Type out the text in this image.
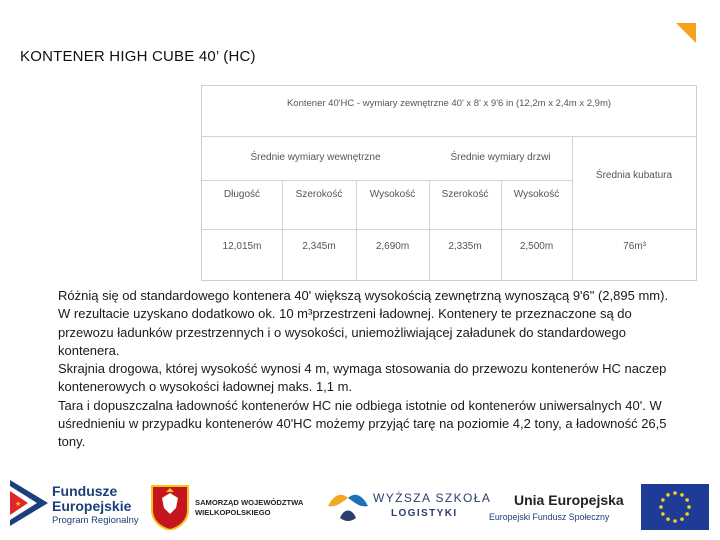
KONTENER HIGH CUBE 40’ (HC)
Kontener 40'HC - wymiary zewnętrzne 40' x 8' x 9'6 in (12,2m x 2,4m x 2,9m)
Średnie wymiary wewnętrzne	Średnie wymiary drzwi
Średnia kubatura
Długość	Szerokość	Wysokość	Szerokość	Wysokość
12,015m	2,345m	2,690m	2,335m	2,500m	76m³

Różnią się od standardowego kontenera 40' większą wysokością zewnętrzną wynoszącą 9'6" (2,895 mm). W rezultacie uzyskano dodatkowo ok. 10 m³przestrzeni ładownej. Kontenery te przeznaczone są do przewozu ładunków przestrzennych i o wysokości, uniemożliwiającej załadunek do standardowego kontenera.

Skrajnia drogowa, której wysokość wynosi 4 m, wymaga stosowania do przewozu kontenerów HC naczep kontenerowych o wysokości ładownej maks. 1,1 m.

Tara i dopuszczalna ładowność kontenerów HC nie odbiega istotnie od kontenerów uniwersalnych 40'. W uśrednieniu w przypadku kontenerów 40'HC możemy przyjąć tarę na poziomie 4,2 tony, a ładowność 26,5 tony.

★
Fundusze
Europejskie
Program Regionalny
SAMORZĄD WOJEWÓDZTWA
WIELKOPOLSKIEGO
WYŻSZA SZKOŁA
LOGISTYKI
Unia Europejska
Europejski Fundusz Społeczny
